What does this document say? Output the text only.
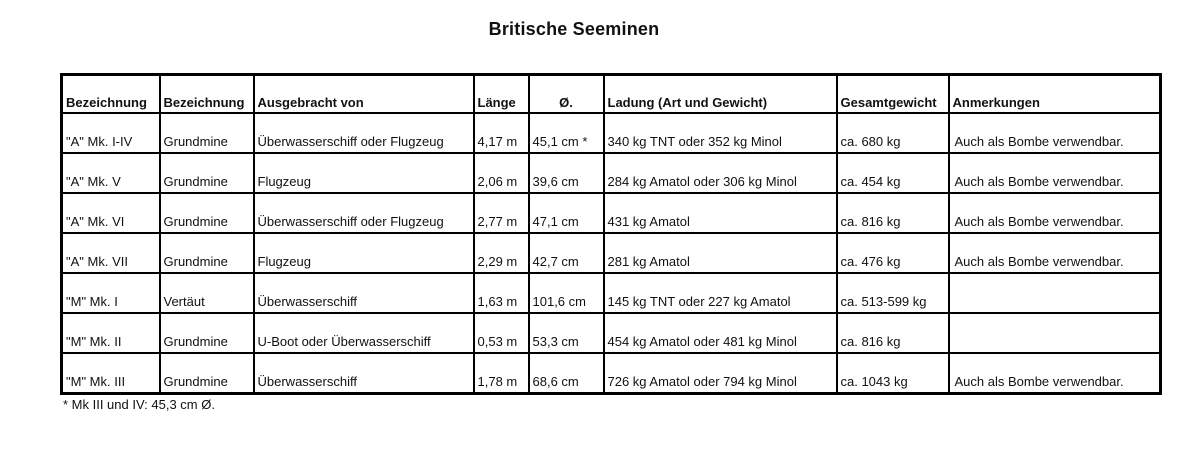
Britische Seeminen
Bezeichnung	Bezeichnung	Ausgebracht von	Länge	Ø.	Ladung (Art und Gewicht)	Gesamtgewicht	Anmerkungen
"A" Mk. I-IV	Grundmine	Überwasserschiff oder Flugzeug	4,17 m	45,1 cm *	340 kg TNT oder 352 kg Minol	ca. 680 kg	Auch als Bombe verwendbar.
"A" Mk. V	Grundmine	Flugzeug	2,06 m	39,6 cm	284 kg Amatol oder 306 kg Minol	ca. 454 kg	Auch als Bombe verwendbar.
"A" Mk. VI	Grundmine	Überwasserschiff oder Flugzeug	2,77 m	47,1 cm	431 kg Amatol	ca. 816 kg	Auch als Bombe verwendbar.
"A" Mk. VII	Grundmine	Flugzeug	2,29 m	42,7 cm	281 kg Amatol	ca. 476 kg	Auch als Bombe verwendbar.
"M" Mk. I	Vertäut	Überwasserschiff	1,63 m	101,6 cm	145 kg TNT oder 227 kg Amatol	ca. 513-599 kg	
"M" Mk. II	Grundmine	U-Boot oder Überwasserschiff	0,53 m	53,3 cm	454 kg Amatol oder 481 kg Minol	ca. 816 kg	
"M" Mk. III	Grundmine	Überwasserschiff	1,78 m	68,6 cm	726 kg Amatol oder 794 kg Minol	ca. 1043 kg	Auch als Bombe verwendbar.
* Mk III und IV: 45,3 cm Ø.
